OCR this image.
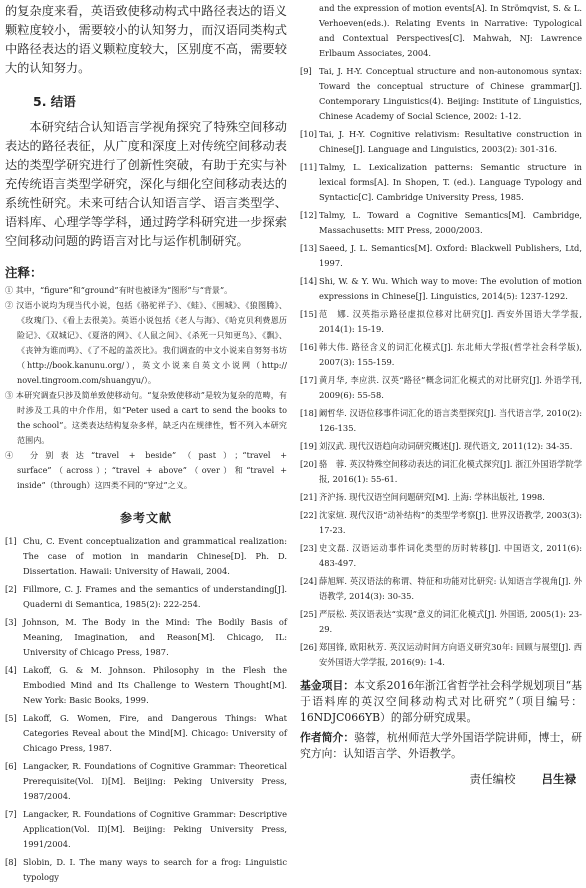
的复杂度来看，英语致使移动构式中路径表达的语义颗粒度较小，需要较小的认知努力，而汉语同类构式中路径表达的语义颗粒度较大，区别度不高，需要较大的认知努力。

5. 结语

本研究结合认知语言学视角探究了特殊空间移动表达的路径表征，从广度和深度上对传统空间移动表达的类型学研究进行了创新性突破，有助于充实与补充传统语言类型学研究，深化与细化空间移动表达的系统性研究。未来可结合认知语言学、语言类型学、语料库、心理学等学科，通过跨学科研究进一步探索空间移动问题的跨语言对比与运作机制研究。

注释：

① 其中，“figure”和“ground”有时也被译为“图形”与“背景”。

② 汉语小说均为现当代小说，包括《骆驼祥子》、《蛙》、《围城》、《狼图腾》、《玫瑰门》、《看上去很美》。英语小说包括《老人与海》、《哈克贝利费恩历险记》、《双城记》、《夏洛的网》、《人鼠之间》、《杀死一只知更鸟》、《飘》、《丧钟为谁而鸣》、《了不起的盖茨比》。我们调查的中文小说来自努努书坊（http://book.kanunu.org/），英文小说来自英文小说网（http:// novel.tingroom.com/shuangyu/）。

③ 本研究调查只涉及简单致使移动句。“复杂致使移动”是较为复杂的范畴，有时涉及工具的中介作用，如“Peter used a cart to send the books to the school”。这类表达结构复杂多样，缺乏内在规律性，暂不列入本研究范围内。

④ 分别表达“travel + beside”（past）；“travel + surface”（across）；“travel + above”（over）和“travel + inside”（through）这四类不同的“穿过”之义。

参考文献

[1] Chu, C. Event conceptualization and grammatical realization: The case of motion in mandarin Chinese[D]. Ph. D. Dissertation. Hawaii: University of Hawaii, 2004.

[2] Fillmore, C. J. Frames and the semantics of understanding[J]. Quaderni di Semantica, 1985(2): 222-254.

[3] Johnson, M. The Body in the Mind: The Bodily Basis of Meaning, Imagination, and Reason[M]. Chicago, IL: University of Chicago Press, 1987.

[4] Lakoff, G. & M. Johnson. Philosophy in the Flesh the Embodied Mind and Its Challenge to Western Thought[M]. New York: Basic Books, 1999.

[5] Lakoff, G. Women, Fire, and Dangerous Things: What Categories Reveal about the Mind[M]. Chicago: University of Chicago Press, 1987.

[6] Langacker, R. Foundations of Cognitive Grammar: Theoretical Prerequisite(Vol. I)[M]. Beijing: Peking University Press, 1987/2004.

[7] Langacker, R. Foundations of Cognitive Grammar: Descriptive Application(Vol. II)[M]. Beijing: Peking University Press, 1991/2004.

[8] Slobin, D. I. The many ways to search for a frog: Linguistic typology

and the expression of motion events[A]. In Strömqvist, S. & L. Verhoeven(eds.). Relating Events in Narrative: Typological and Contextual Perspectives[C]. Mahwah, NJ: Lawrence Erlbaum Associates, 2004.

[9] Tai, J. H-Y. Conceptual structure and non-autonomous syntax: Toward the conceptual structure of Chinese grammar[J]. Contemporary Linguistics(4). Beijing: Institute of Linguistics, Chinese Academy of Social Science, 2002: 1-12.

[10] Tai, J. H-Y. Cognitive relativism: Resultative construction in Chinese[J]. Language and Linguistics, 2003(2): 301-316.

[11] Talmy, L. Lexicalization patterns: Semantic structure in lexical forms[A]. In Shopen, T. (ed.). Language Typology and Syntactic[C]. Cambridge University Press, 1985.

[12] Talmy, L. Toward a Cognitive Semantics[M]. Cambridge, Massachusetts: MIT Press, 2000/2003.

[13] Saeed, J. L. Semantics[M]. Oxford: Blackwell Publishers, Ltd, 1997.

[14] Shi, W. & Y. Wu. Which way to move: The evolution of motion expressions in Chinese[J]. Linguistics, 2014(5): 1237-1292.

[15] 范　娜. 汉英指示路径虚拟位移对比研究[J]. 西安外国语大学学报, 2014(1): 15-19.

[16] 韩大伟. 路径含义的词汇化模式[J]. 东北师大学报(哲学社会科学版), 2007(3): 155-159.

[17] 黄月华, 李应洪. 汉英“路径”概念词汇化模式的对比研究[J]. 外语学刊, 2009(6): 55-58.

[18] 阚哲华. 汉语位移事件词汇化的语言类型探究[J]. 当代语言学, 2010(2): 126-135.

[19] 刘汉武. 现代汉语趋向动词研究概述[J]. 现代语文, 2011(12): 34-35.

[20] 骆　蓉. 英汉特殊空间移动表达的词汇化模式探究[J]. 浙江外国语学院学报, 2016(1): 55-61.

[21] 齐沪扬. 现代汉语空间问题研究[M]. 上海: 学林出版社, 1998.

[22] 沈家煊. 现代汉语“动补结构”的类型学考察[J]. 世界汉语教学, 2003(3): 17-23.

[23] 史文磊. 汉语运动事件词化类型的历时转移[J]. 中国语文, 2011(6): 483-497.

[24] 薛旭辉. 英汉语法的称谓、特征和功能对比研究: 认知语言学视角[J]. 外语教学, 2014(3): 30-35.

[25] 严辰松. 英汉语表达“实现”意义的词汇化模式[J]. 外国语, 2005(1): 23-29.

[26] 郑国锋, 欧阳秋芳. 英汉运动时间方向语义研究30年: 回顾与展望[J]. 西安外国语大学学报, 2016(9): 1-4.

基金项目：本文系2016年浙江省哲学社会科学规划项目“基于语料库的英汉空间移动构式对比研究”（项目编号：16NDJC066YB）的部分研究成果。

作者简介：骆蓉，杭州师范大学外国语学院讲师，博士，研究方向：认知语言学、外语教学。

责任编校 吕生禄
